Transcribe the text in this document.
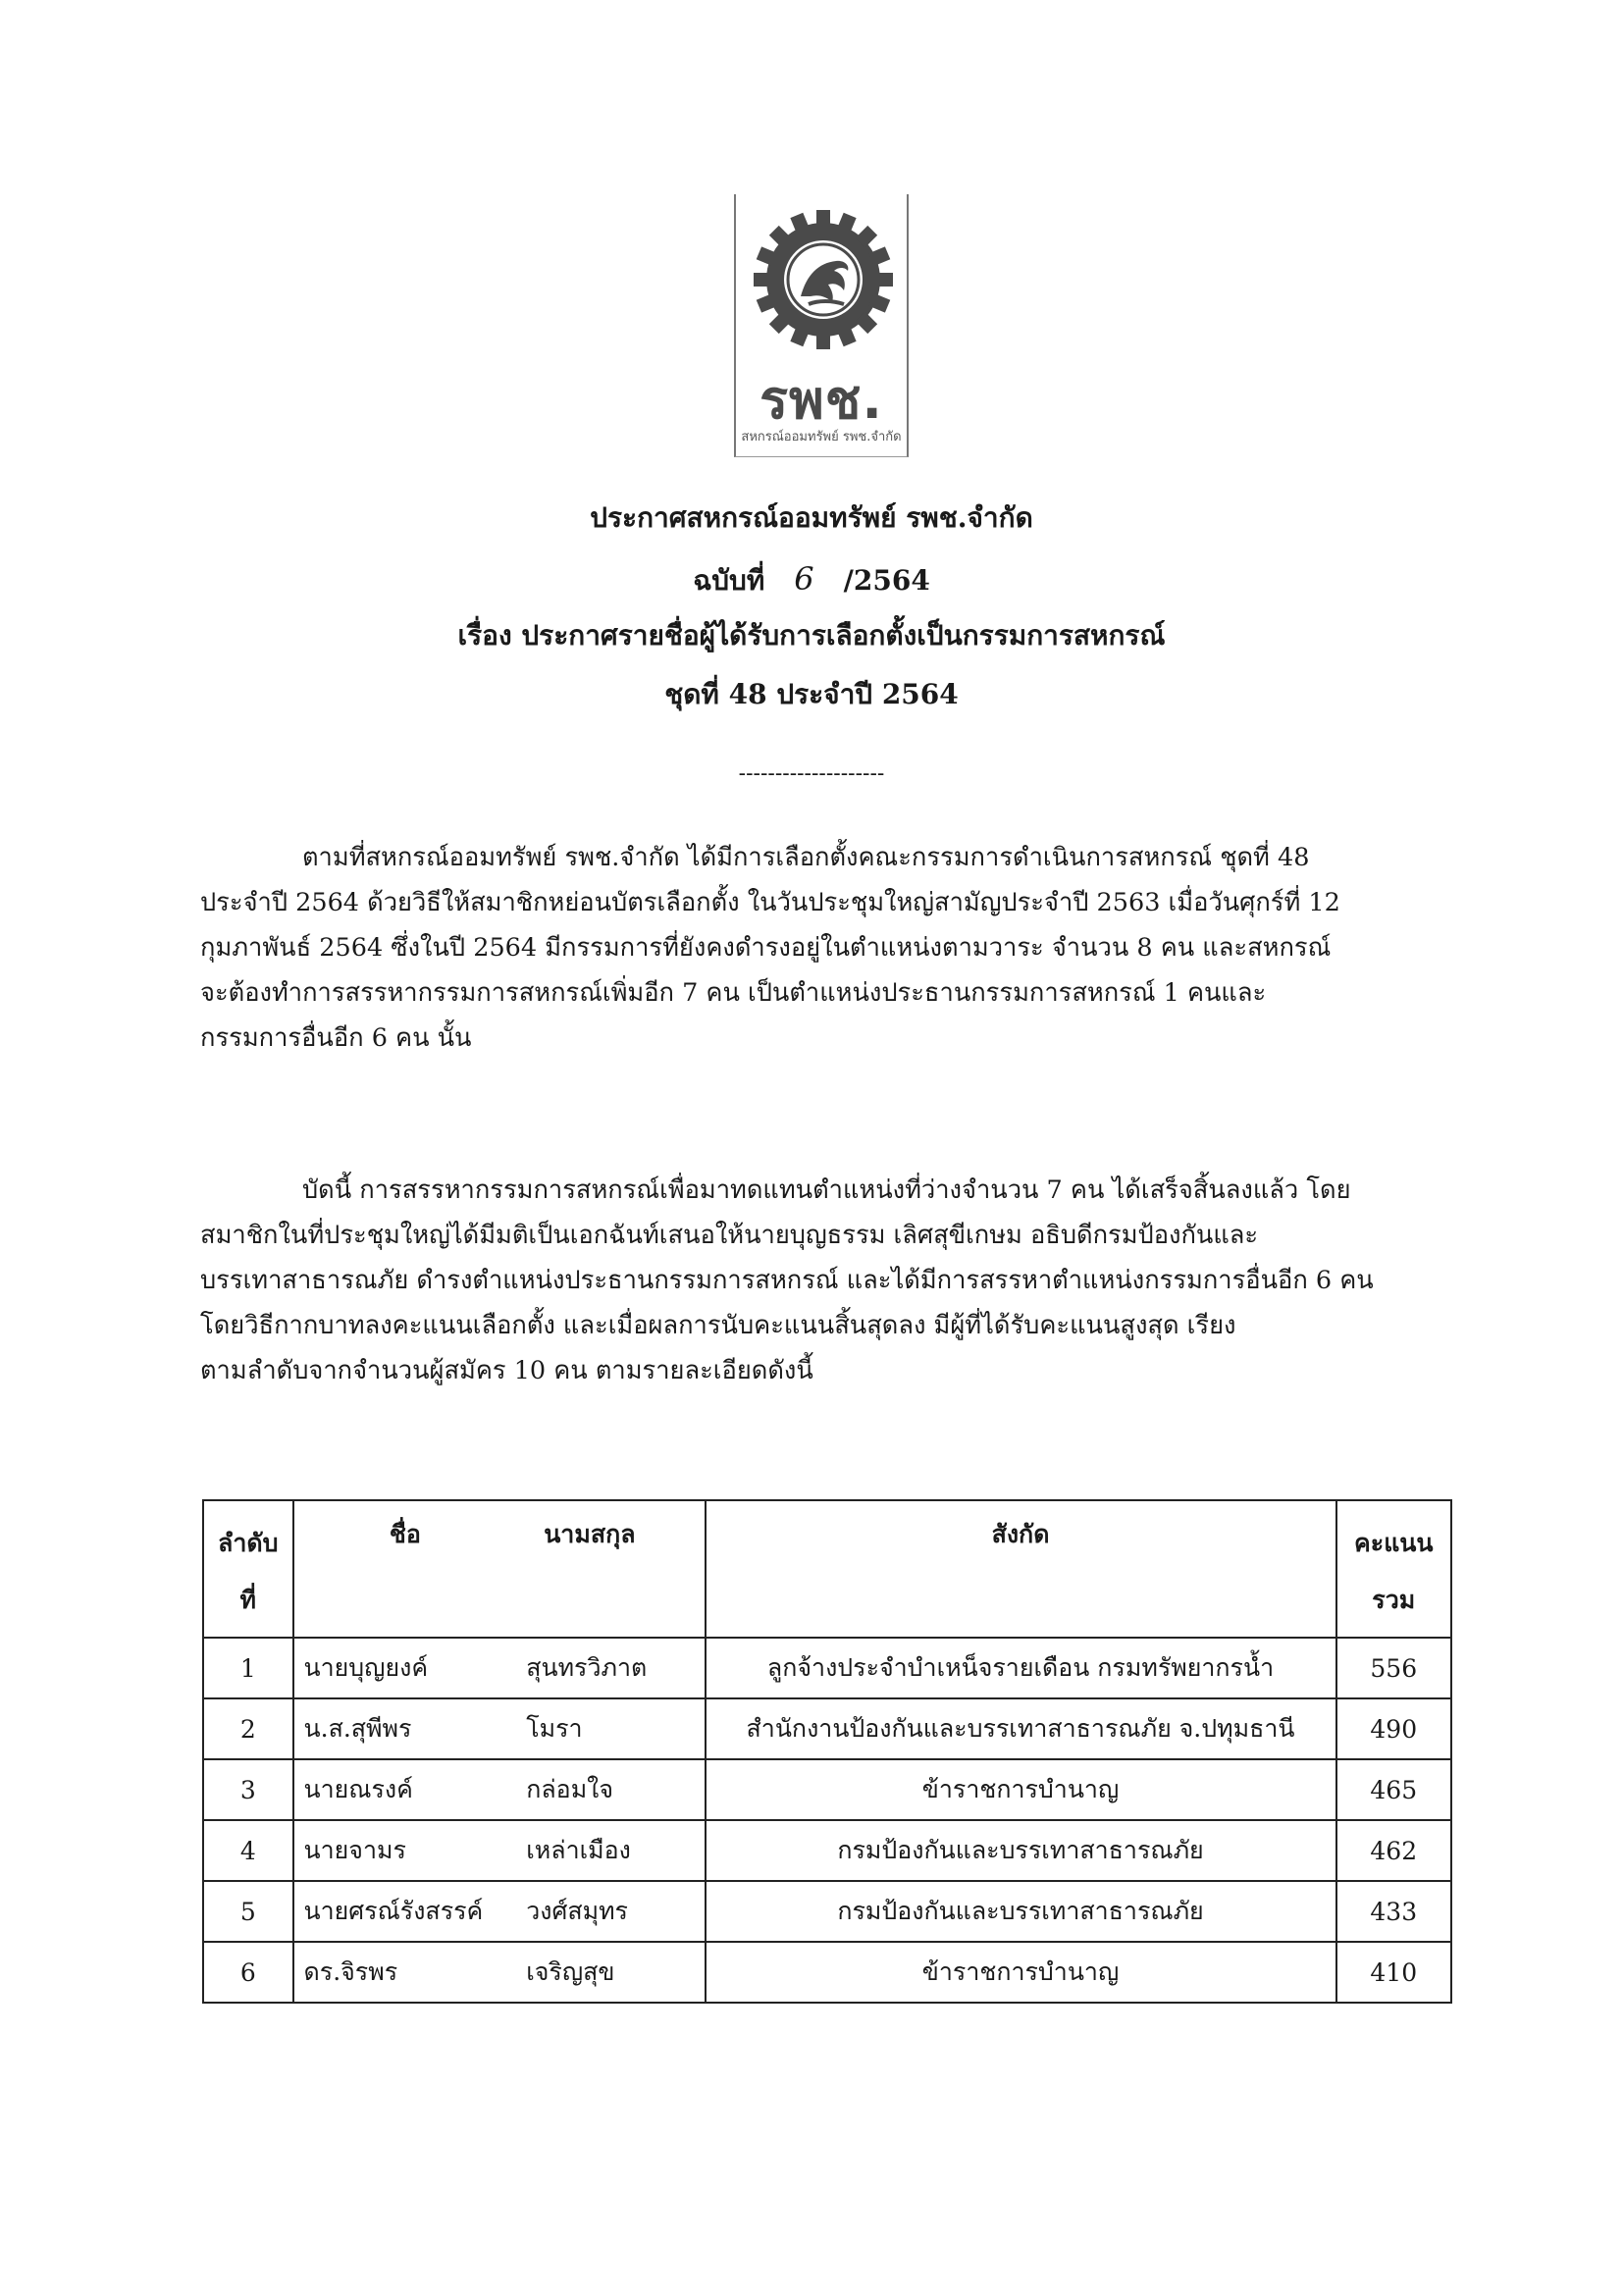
รพช.
สหกรณ์ออมทรัพย์ รพช.จำกัด
ประกาศสหกรณ์ออมทรัพย์ รพช.จำกัด
ฉบับที่ 6 /2564
เรื่อง ประกาศรายชื่อผู้ได้รับการเลือกตั้งเป็นกรรมการสหกรณ์
ชุดที่ 48 ประจำปี 2564
--------------------
ตามที่สหกรณ์ออมทรัพย์ รพช.จำกัด ได้มีการเลือกตั้งคณะกรรมการดำเนินการสหกรณ์ ชุดที่ 48
ประจำปี 2564 ด้วยวิธีให้สมาชิกหย่อนบัตรเลือกตั้ง ในวันประชุมใหญ่สามัญประจำปี 2563 เมื่อวันศุกร์ที่ 12
กุมภาพันธ์ 2564 ซึ่งในปี 2564 มีกรรมการที่ยังคงดำรงอยู่ในตำแหน่งตามวาระ จำนวน 8 คน และสหกรณ์
จะต้องทำการสรรหากรรมการสหกรณ์เพิ่มอีก 7 คน เป็นตำแหน่งประธานกรรมการสหกรณ์ 1 คนและ
กรรมการอื่นอีก 6 คน นั้น
บัดนี้ การสรรหากรรมการสหกรณ์เพื่อมาทดแทนตำแหน่งที่ว่างจำนวน 7 คน ได้เสร็จสิ้นลงแล้ว โดย
สมาชิกในที่ประชุมใหญ่ได้มีมติเป็นเอกฉันท์เสนอให้นายบุญธรรม เลิศสุขีเกษม อธิบดีกรมป้องกันและ
บรรเทาสาธารณภัย ดำรงตำแหน่งประธานกรรมการสหกรณ์ และได้มีการสรรหาตำแหน่งกรรมการอื่นอีก 6 คน
โดยวิธีกากบาทลงคะแนนเลือกตั้ง และเมื่อผลการนับคะแนนสิ้นสุดลง มีผู้ที่ได้รับคะแนนสูงสุด เรียง
ตามลำดับจากจำนวนผู้สมัคร 10 คน ตามรายละเอียดดังนี้
ลำดับ
ที่	ชื่อ	นามสกุล	สังกัด	คะแนน
รวม

1	นายบุญยงค์	สุนทรวิภาต	ลูกจ้างประจำบำเหน็จรายเดือน กรมทรัพยากรน้ำ	556
2	น.ส.สุพีพร	โมรา	สำนักงานป้องกันและบรรเทาสาธารณภัย จ.ปทุมธานี	490
3	นายณรงค์	กล่อมใจ	ข้าราชการบำนาญ	465
4	นายจามร	เหล่าเมือง	กรมป้องกันและบรรเทาสาธารณภัย	462
5	นายศรณ์รังสรรค์	วงศ์สมุทร	กรมป้องกันและบรรเทาสาธารณภัย	433
6	ดร.จิรพร	เจริญสุข	ข้าราชการบำนาญ	410
